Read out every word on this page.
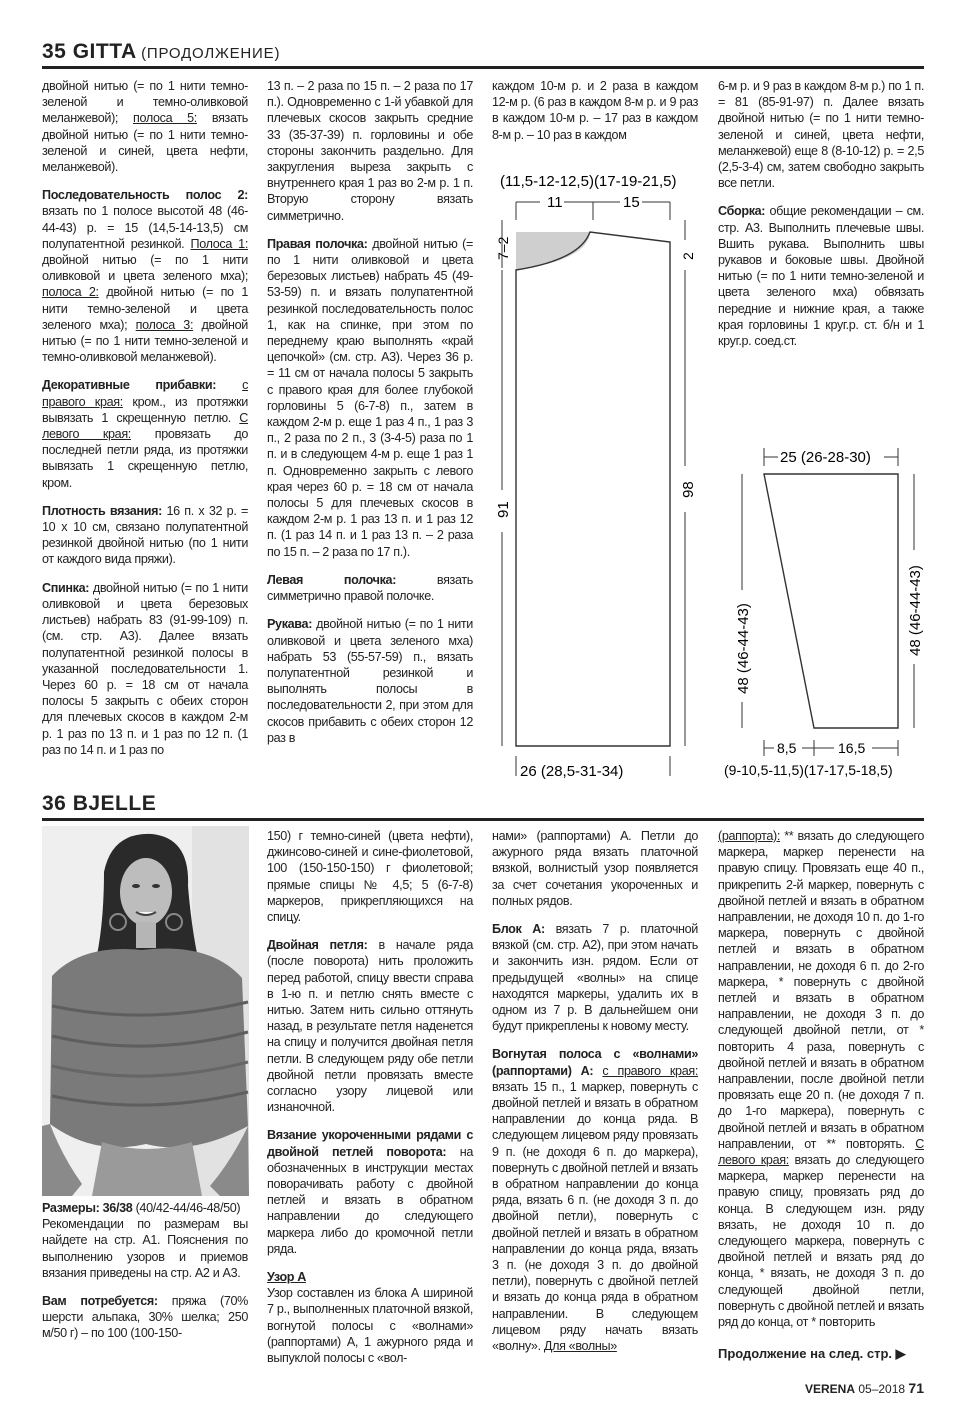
35 GITTA (ПРОДОЛЖЕНИЕ)

двойной нитью (= по 1 нити темно-зеленой и темно-оливковой меланжевой); полоса 5: вязать двойной нитью (= по 1 нити темно-зеленой и синей, цвета нефти, меланжевой).

Последовательность полос 2: вязать по 1 полосе высотой 48 (46-44-43) р. = 15 (14,5-14-13,5) см полупатентной резинкой. Полоса 1: двойной нитью (= по 1 нити оливковой и цвета зеленого мха); полоса 2: двойной нитью (= по 1 нити темно-зеленой и цвета зеленого мха); полоса 3: двойной нитью (= по 1 нити темно-зеленой и темно-оливковой меланжевой).

Декоративные прибавки: с правого края: кром., из протяжки вывязать 1 скрещенную петлю. С левого края: провязать до последней петли ряда, из протяжки вывязать 1 скрещенную петлю, кром.

Плотность вязания: 16 п. х 32 р. = 10 х 10 см, связано полупатентной резинкой двойной нитью (по 1 нити от каждого вида пряжи).

Спинка: двойной нитью (= по 1 нити оливковой и цвета березовых листьев) набрать 83 (91-99-109) п. (см. стр. А3). Далее вязать полупатентной резинкой полосы в указанной последовательности 1. Через 60 р. = 18 см от начала полосы 5 закрыть с обеих сторон для плечевых скосов в каждом 2-м р. 1 раз по 13 п. и 1 раз по 12 п. (1 раз по 14 п. и 1 раз по

13 п. – 2 раза по 15 п. – 2 раза по 17 п.). Одновременно с 1-й убавкой для плечевых скосов закрыть средние 33 (35-37-39) п. горловины и обе стороны закончить раздельно. Для закругления выреза закрыть с внутреннего края 1 раз во 2-м р. 1 п. Вторую сторону вязать симметрично.

Правая полочка: двойной нитью (= по 1 нити оливковой и цвета березовых листьев) набрать 45 (49-53-59) п. и вязать полупатентной резинкой последовательность полос 1, как на спинке, при этом по переднему краю выполнять «край цепочкой» (см. стр. А3). Через 36 р. = 11 см от начала полосы 5 закрыть с правого края для более глубокой горловины 5 (6-7-8) п., затем в каждом 2-м р. еще 1 раз 4 п., 1 раз 3 п., 2 раза по 2 п., 3 (3-4-5) раза по 1 п. и в следующем 4-м р. еще 1 раз 1 п. Одновременно закрыть с левого края через 60 р. = 18 см от начала полосы 5 для плечевых скосов в каждом 2-м р. 1 раз 13 п. и 1 раз 12 п. (1 раз 14 п. и 1 раз 13 п. – 2 раза по 15 п. – 2 раза по 17 п.).

Левая полочка:	вязать симметрично правой полочке.

Рукава: двойной нитью (= по 1 нити оливковой и цвета зеленого мха) набрать 53 (55-57-59) п., вязать полупатентной резинкой и выполнять полосы в последовательности 2, при этом для скосов прибавить с обеих сторон 12 раз в

каждом 10-м р. и 2 раза в каждом 12-м р. (6 раз в каждом 8-м р. и 9 раз в каждом 10-м р. – 17 раз в каждом 8-м р. – 10 раз в каждом

6-м р. и 9 раз в каждом 8-м р.) по 1 п. = 81 (85-91-97) п. Далее вязать двойной нитью (= по 1 нити темно-зеленой и синей, цвета нефти, меланжевой) еще 8 (8-10-12) р. = 2,5 (2,5-3-4) см, затем свободно закрыть все петли.

Сборка: общие рекомендации – см. стр. А3. Выполнить плечевые швы. Вшить рукава. Выполнить швы рукавов и боковые швы. Двойной нитью (= по 1 нити темно-зеленой и цвета зеленого мха) обвязать передние и нижние края, а также края горловины 1 круг.р. ст. б/н и 1 круг.р. соед.ст.

(11,5-12-12,5)(17-19-21,5)
11	15
7–2	2
91
98
26 (28,5-31-34)
25 (26-28-30)
48 (46-44-43)	48 (46-44-43)
8,5	16,5
(9-10,5-11,5)(17-17,5-18,5)
36 BJELLE

Размеры: 36/38 (40/42-44/46-48/50)

Рекомендации по размерам вы найдете на стр. А1. Пояснения по выполнению узоров и приемов вязания приведены на стр. А2 и А3.

Вам потребуется: пряжа (70% шерсти альпака, 30% шелка; 250 м/50 г) – по 100 (100-150-

150) г темно-синей (цвета нефти), джинсово-синей и сине-фиолетовой, 100 (150-150-150) г фиолетовой; прямые спицы № 4,5; 5 (6-7-8) маркеров, прикрепляющихся на спицу.

Двойная петля: в начале ряда (после поворота) нить проложить перед работой, спицу ввести справа в 1-ю п. и петлю снять вместе с нитью. Затем нить сильно оттянуть назад, в результате петля наденется на спицу и получится двойная петля петли. В следующем ряду обе петли двойной петли провязать вместе согласно узору лицевой или изнаночной.

Вязание укороченными рядами с двойной петлей поворота: на обозначенных в инструкции местах поворачивать работу с двойной петлей и вязать в обратном направлении до следующего маркера либо до кромочной петли ряда.

Узор А

Узор составлен из блока А шириной 7 р., выполненных платочной вязкой, вогнутой полосы с «волнами» (раппортами) А, 1 ажурного ряда и выпуклой полосы с «вол-

нами» (раппортами) А. Петли до ажурного ряда вязать платочной вязкой, волнистый узор появляется за счет сочетания укороченных и полных рядов.

Блок А: вязать 7 р. платочной вязкой (см. стр. А2), при этом начать и закончить изн. рядом. Если от предыдущей «волны» на спице находятся маркеры, удалить их в одном из 7 р. В дальнейшем они будут прикреплены к новому месту.

Вогнутая полоса с «волнами» (раппортами) А: с правого края: вязать 15 п., 1 маркер, повернуть с двойной петлей и вязать в обратном направлении до конца ряда. В следующем лицевом ряду провязать 9 п. (не доходя 6 п. до маркера), повернуть с двойной петлей и вязать в обратном направлении до конца ряда, вязать 6 п. (не доходя 3 п. до двойной петли), повернуть с двойной петлей и вязать в обратном направлении до конца ряда, вязать 3 п. (не доходя 3 п. до двойной петли), повернуть с двойной петлей и вязать до конца ряда в обратном направлении. В следующем лицевом ряду начать вязать «волну». Для «волны»

(раппорта): ** вязать до следующего маркера, маркер перенести на правую спицу. Провязать еще 40 п., прикрепить 2-й маркер, повернуть с двойной петлей и вязать в обратном направлении, не доходя 10 п. до 1-го маркера, повернуть с двойной петлей и вязать в обратном направлении, не доходя 6 п. до 2-го маркера, * повернуть с двойной петлей и вязать в обратном направлении, не доходя 3 п. до следующей двойной петли, от * повторить 4 раза, повернуть с двойной петлей и вязать в обратном направлении, после двойной петли провязать еще 20 п. (не доходя 7 п. до 1-го маркера), повернуть с двойной петлей и вязать в обратном направлении, от ** повторять. С левого края: вязать до следующего маркера, маркер перенести на правую спицу, провязать ряд до конца. В следующем изн. ряду вязать, не доходя 10 п. до следующего маркера, повернуть с двойной петлей и вязать ряд до конца, * вязать, не доходя 3 п. до следующей двойной петли, повернуть с двойной петлей и вязать ряд до конца, от * повторить

Продолжение на след. стр. ▶
VERENA 05–2018 71
